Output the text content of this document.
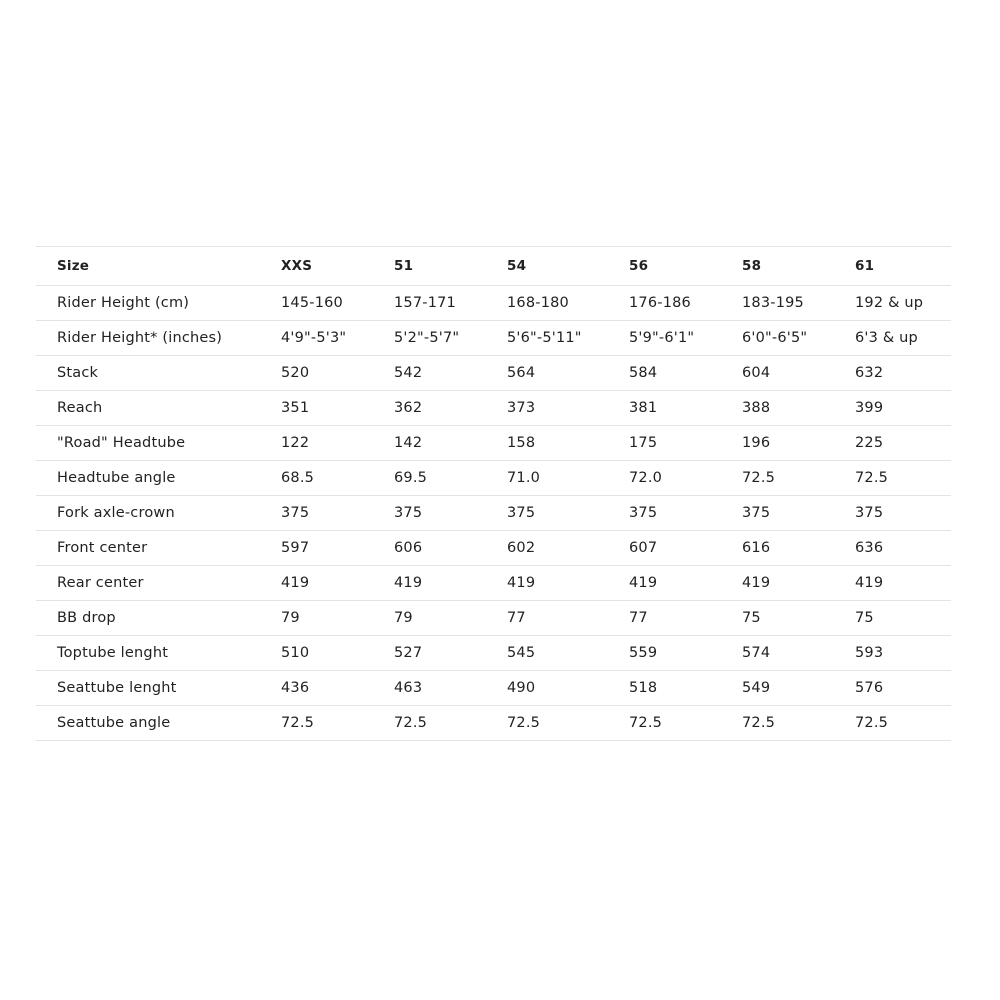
Size	XXS	51	54	56	58	61
Rider Height (cm)	145-160	157-171	168-180	176-186	183-195	192 & up
Rider Height* (inches)	4'9"-5'3"	5'2"-5'7"	5'6"-5'11"	5'9"-6'1"	6'0"-6'5"	6'3 & up
Stack	520	542	564	584	604	632
Reach	351	362	373	381	388	399
"Road" Headtube	122	142	158	175	196	225
Headtube angle	68.5	69.5	71.0	72.0	72.5	72.5
Fork axle-crown	375	375	375	375	375	375
Front center	597	606	602	607	616	636
Rear center	419	419	419	419	419	419
BB drop	79	79	77	77	75	75
Toptube lenght	510	527	545	559	574	593
Seattube lenght	436	463	490	518	549	576
Seattube angle	72.5	72.5	72.5	72.5	72.5	72.5
